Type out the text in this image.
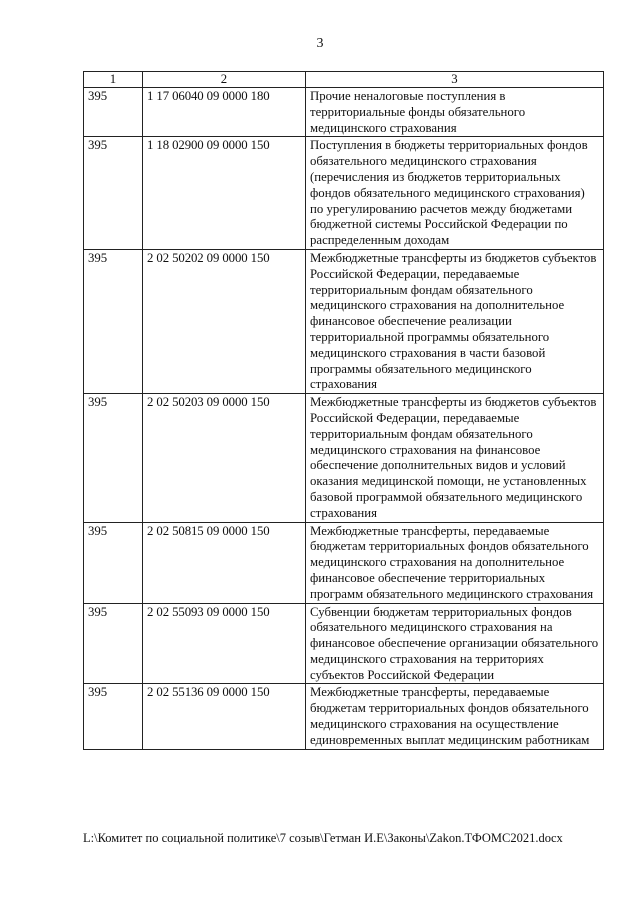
3
1	2	3
395	1 17 06040 09 0000 180	Прочие неналоговые поступления в территориальные фонды обязательного медицинского страхования
395	1 18 02900 09 0000 150	Поступления в бюджеты территориальных фондов обязательного медицинского страхования (перечисления из бюджетов территориальных фондов обязательного медицинского страхования) по урегулированию расчетов между бюджетами бюджетной системы Российской Федерации по распределенным доходам
395	2 02 50202 09 0000 150	Межбюджетные трансферты из бюджетов субъектов Российской Федерации, передаваемые территориальным фондам обязательного медицинского страхования на дополнительное финансовое обеспечение реализации территориальной программы обязательного медицинского страхования в части базовой программы обязательного медицинского страхования
395	2 02 50203 09 0000 150	Межбюджетные трансферты из бюджетов субъектов Российской Федерации, передаваемые территориальным фондам обязательного медицинского страхования на финансовое обеспечение дополнительных видов и условий оказания медицинской помощи, не установленных базовой программой обязательного медицинского страхования
395	2 02 50815 09 0000 150	Межбюджетные трансферты, передаваемые бюджетам территориальных фондов обязательного медицинского страхования на дополнительное финансовое обеспечение территориальных программ обязательного медицинского страхования
395	2 02 55093 09 0000 150	Субвенции бюджетам территориальных фондов обязательного медицинского страхования на финансовое обеспечение организации обязательного медицинского страхования на территориях субъектов Российской Федерации
395	2 02 55136 09 0000 150	Межбюджетные трансферты, передаваемые бюджетам территориальных фондов обязательного медицинского страхования на осуществление единовременных выплат медицинским работникам
L:\Комитет по социальной политике\7 созыв\Гетман И.Е\Законы\Zakon.ТФОМС2021.docx
